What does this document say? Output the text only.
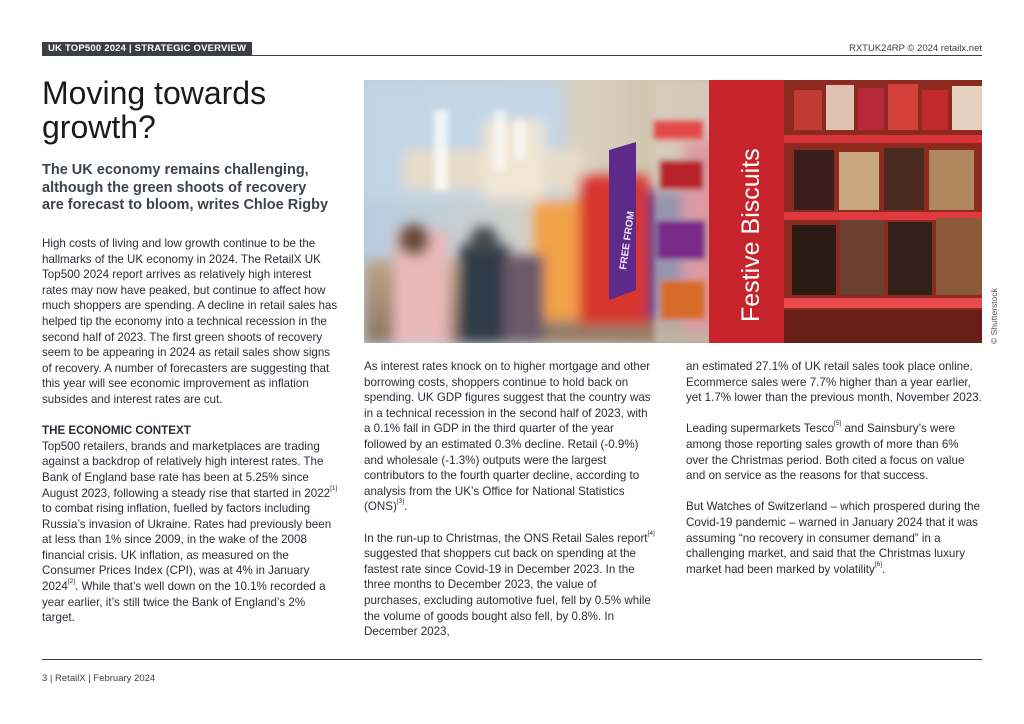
UK TOP500 2024 | STRATEGIC OVERVIEW	RXTUK24RP © 2024 retailx.net
Moving towards
growth?

The UK economy remains challenging,
although the green shoots of recovery
are forecast to bloom, writes Chloe Rigby

High costs of living and low growth continue to be the hallmarks of the UK economy in 2024. The RetailX UK Top500 2024 report arrives as relatively high interest rates may now have peaked, but continue to affect how much shoppers are spending. A decline in retail sales has helped tip the economy into a technical recession in the second half of 2023. The first green shoots of recovery seem to be appearing in 2024 as retail sales show signs of recovery. A number of forecasters are suggesting that this year will see economic improvement as inflation subsides and interest rates are cut.

THE ECONOMIC CONTEXT

Top500 retailers, brands and marketplaces are trading against a backdrop of relatively high interest rates. The Bank of England base rate has been at 5.25% since August 2023, following a steady rise that started in 2022[1] to combat rising inflation, fuelled by factors including Russia’s invasion of Ukraine. Rates had previously been at less than 1% since 2009, in the wake of the 2008 financial crisis. UK inflation, as measured on the Consumer Prices Index (CPI), was at 4% in January 2024[2]. While that’s well down on the 10.1% recorded a year earlier, it’s still twice the Bank of England’s 2% target.

FREE FROM	Festive Biscuits	© Shutterstock

As interest rates knock on to higher mortgage and other borrowing costs, shoppers continue to hold back on spending. UK GDP figures suggest that the country was in a technical recession in the second half of 2023, with a 0.1% fall in GDP in the third quarter of the year followed by an estimated 0.3% decline. Retail (-0.9%) and wholesale (-1.3%) outputs were the largest contributors to the fourth quarter decline, according to analysis from the UK’s Office for National Statistics (ONS)[3].

In the run-up to Christmas, the ONS Retail Sales report[4] suggested that shoppers cut back on spending at the fastest rate since Covid-19 in December 2023. In the three months to December 2023, the value of purchases, excluding automotive fuel, fell by 0.5% while the volume of goods bought also fell, by 0.8%. In December 2023,

an estimated 27.1% of UK retail sales took place online. Ecommerce sales were 7.7% higher than a year earlier, yet 1.7% lower than the previous month, November 2023.

Leading supermarkets Tesco[5] and Sainsbury’s were among those reporting sales growth of more than 6% over the Christmas period. Both cited a focus on value and on service as the reasons for that success.

But Watches of Switzerland – which prospered during the Covid-19 pandemic – warned in January 2024 that it was assuming “no recovery in consumer demand” in a challenging market, and said that the Christmas luxury market had been marked by volatility[6].

3 | RetailX | February 2024
